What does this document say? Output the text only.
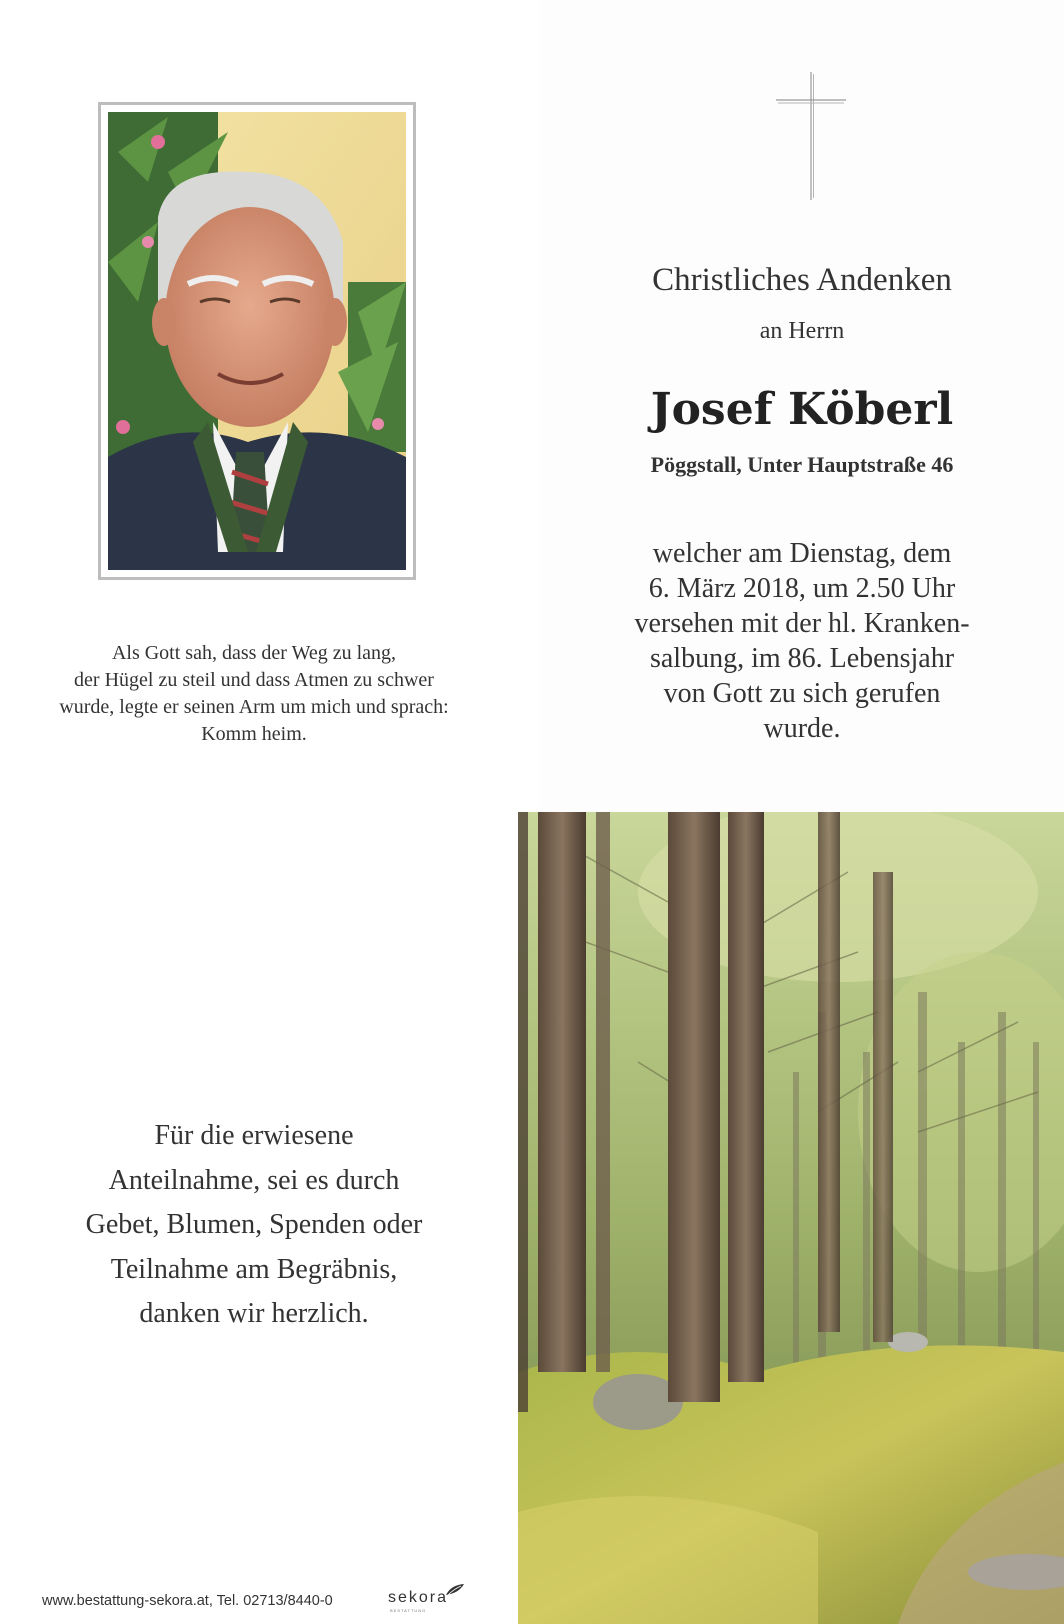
Als Gott sah, dass der Weg zu lang,
der Hügel zu steil und dass Atmen zu schwer
wurde, legte er seinen Arm um mich und sprach:
Komm heim.
Christliches Andenken
an Herrn
Josef Köberl
Pöggstall, Unter Hauptstraße 46
welcher am Dienstag, dem
6. März 2018, um 2.50 Uhr
versehen mit der hl. Kranken-
salbung, im 86. Lebensjahr
von Gott zu sich gerufen
wurde.
Für die erwiesene
Anteilnahme, sei es durch
Gebet, Blumen, Spenden oder
Teilnahme am Begräbnis,
danken wir herzlich.
www.bestattung-sekora.at, Tel. 02713/8440-0	sekora
BESTATTUNG
